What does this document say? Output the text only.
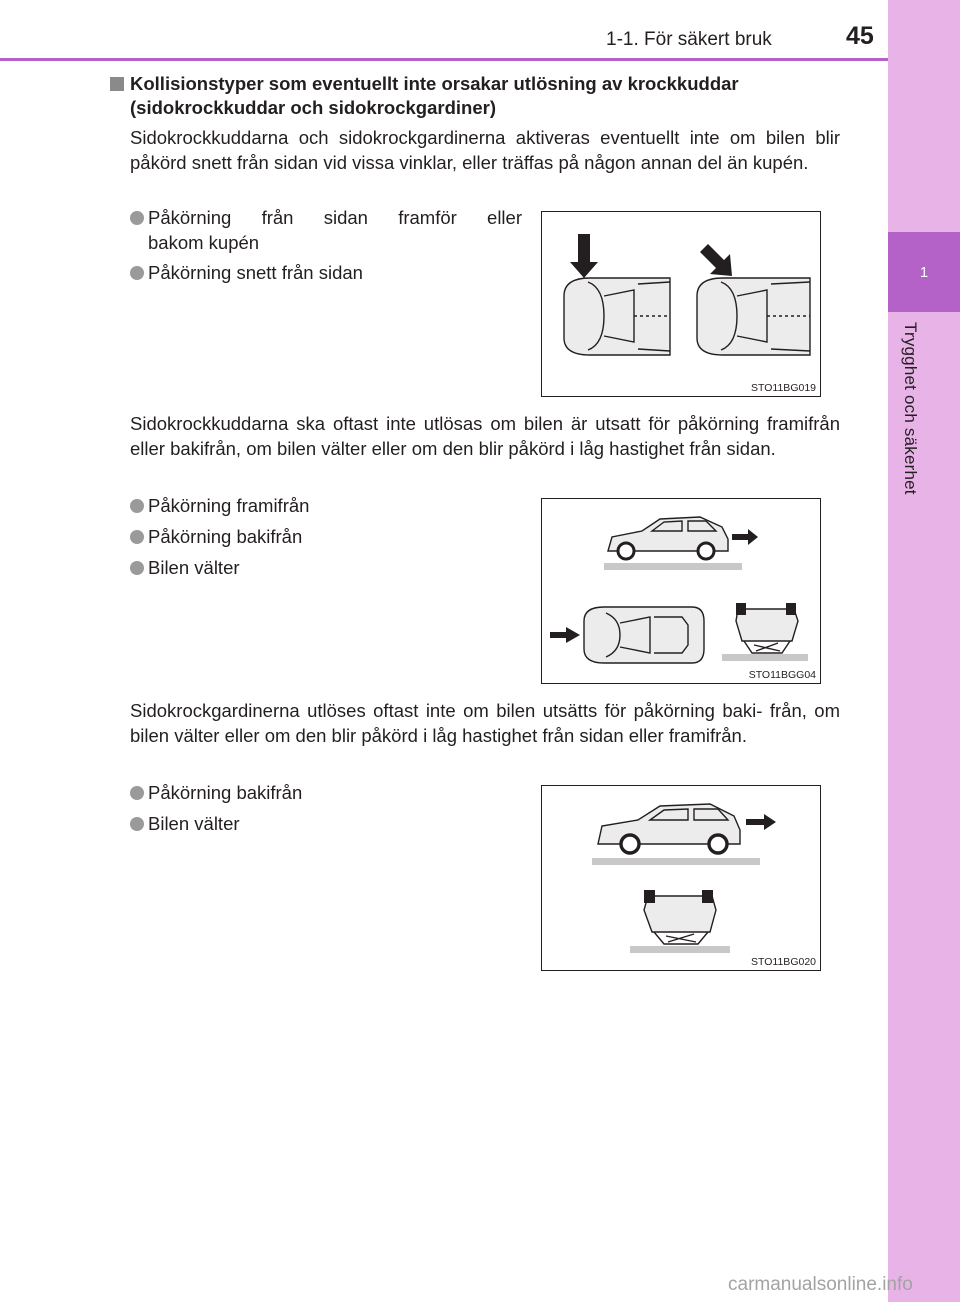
1
Trygghet och säkerhet
1-1. För säkert bruk	45
Kollisionstyper som eventuellt inte orsakar utlösning av krockkuddar (sidokrockkuddar och sidokrockgardiner)
Sidokrockkuddarna och sidokrockgardinerna aktiveras eventuellt inte om bilen blir påkörd snett från sidan vid vissa vinklar, eller träffas på någon annan del än kupén.
Påkörning från sidan framför eller
bakom kupén
Påkörning snett från sidan
STO11BG019
Sidokrockkuddarna ska oftast inte utlösas om bilen är utsatt för påkörning framifrån eller bakifrån, om bilen välter eller om den blir påkörd i låg hastighet från sidan.
Påkörning framifrån
Påkörning bakifrån
Bilen välter
STO11BGG04
Sidokrockgardinerna utlöses oftast inte om bilen utsätts för påkörning baki- från, om bilen välter eller om den blir påkörd i låg hastighet från sidan eller framifrån.
Påkörning bakifrån
Bilen välter
STO11BG020
carmanualsonline.info
